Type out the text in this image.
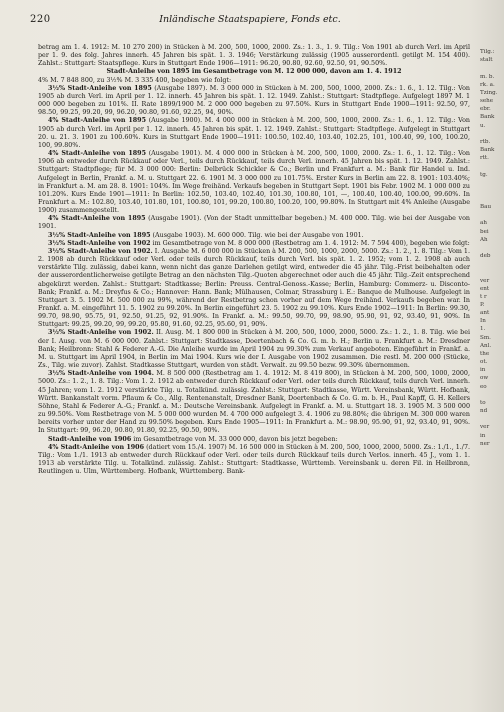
220	Inländische Staatspapiere, Fonds etc.

betrag am 1. 4. 1912: M. 10 270 200) in Stücken à M. 200, 500, 1000, 2000. Zs.: 1. 3., 1. 9. Tilg.: Von 1901 ab durch Verl. im April per 1. 9. des folg. Jahres innerh. 45 Jahren bis spät. 1. 3. 1946; Verstärkung zulässig (1905 ausserordentl. getilgt M. 154 400). Zahlst.: Stuttgart: Staatspflege. Kurs in Stuttgart Ende 1906—1911: 96.20, 90.80, 92.60, 92.50, 91, 90.50%.

Stadt-Anleihe von 1895 im Gesamtbetrage von M. 12 000 000, davon am 1. 4. 1912

4% M. 7 848 800, zu 3½% M. 3 335 400, begeben wie folgt:

3½% Stadt-Anleihe von 1895 (Ausgabe 1897). M. 3 000 000 in Stücken à M. 200, 500, 1000, 2000. Zs.: 1. 6., 1. 12. Tilg.: Von 1905 ab durch Verl. im April per 1. 12. innerh. 45 Jahren bis spät. 1. 12. 1949. Zahlst.: Stuttgart: Stadtpflege. Aufgelegt 1897 M. 1 000 000 begeben zu 101%. II. Rate 1899/1900 M. 2 000 000 begeben zu 97.50%. Kurs in Stuttgart Ende 1900—1911: 92.50, 97, 98.50, 99.25, 99.20, 99, 96.20, 90.80, 91.60, 92.25, 94, 90%.

4% Stadt-Anleihe von 1895 (Ausgabe 1900). M. 4 000 000 in Stücken à M. 200, 500, 1000, 2000. Zs.: 1. 6., 1. 12. Tilg.: Von 1905 ab durch Verl. im April per 1. 12. innerh. 45 Jahren bis spät. 1. 12. 1949. Zahlst.: Stuttgart: Stadtpflege. Aufgelegt in Stuttgart 20. u. 21. 3. 1901 zu 100.60%. Kurs in Stuttgart Ende 1900—1911: 100.50, 102.40, 103.40, 102.25, 101, 100.40, 99, 100, 100.20, 100, 99.80%.

4% Stadt-Anleihe von 1895 (Ausgabe 1901). M. 4 000 000 in Stücken à M. 200, 500, 1000, 2000. Zs.: 1. 6., 1. 12. Tilg.: Von 1906 ab entweder durch Rückkauf oder Verl., teils durch Rückkauf, teils durch Verl. innerh. 45 Jahren bis spät. 1. 12. 1949. Zahlst.: Stuttgart: Stadtpflege; für M. 3 000 000: Berlin: Delbrück Schickler & Co.; Berlin und Frankfurt a. M.: Bank für Handel u. Ind. Aufgelegt in Berlin, Frankf. a. M. u. Stuttgart 22. 6. 1901 M. 3 000 000 zu 101.75%. Erster Kurs in Berlin am 22. 8. 1901: 103.40%; in Frankfurt a. M. am 28. 8. 1901: 104%. Im Wege freihänd. Verkaufs begeben in Stuttgart Sept. 1901 bis Febr. 1902 M. 1 000 000 zu 101.20%. Kurs Ende 1901—1911: In Berlin: 102.50, 103.40, 102.40, 101.30, 100.80, 101, —, 100.40, 100.40, 100.00, 99.60%. In Frankfurt a. M.: 102.80, 103.40, 101.80, 101, 100.80, 101, 99.20, 100.80, 100.20, 100, 99.80%. In Stuttgart mit 4% Anleihe (Ausgabe 1900) zusammengestellt.

4% Stadt-Anleihe von 1895 (Ausgabe 1901). (Von der Stadt unmittelbar begeben.) M. 400 000. Tilg. wie bei der Ausgabe von 1901.

3½% Stadt-Anleihe von 1895 (Ausgabe 1903). M. 600 000. Tilg. wie bei der Ausgabe von 1901.

3½% Stadt-Anleihe von 1902 im Gesamtbetrage von M. 8 000 000 (Restbetrag am 1. 4. 1912: M. 7 594 400), begeben wie folgt:

3½% Stadt-Anleihe von 1902. I. Ausgabe M. 6 000 000 in Stücken à M. 200, 500, 1000, 2000, 5000. Zs.: 1. 2., 1. 8. Tilg.: Vom 1. 2. 1908 ab durch Rückkauf oder Verl. oder teils durch Rückkauf, teils durch Verl. bis spät. 1. 2. 1952; vom 1. 2. 1908 ab auch verstärkte Tilg. zulässig, dabei kann, wenn nicht das ganze Darlehen getilgt wird, entweder die 45 jähr. Tilg.-Frist beibehalten oder der ausserordentlicherweise getilgte Betrag an den nächsten Tilg.-Quoten abgerechnet oder auch die 45 jähr. Tilg.-Zeit entsprechend abgekürzt werden. Zahlst.: Stuttgart: Stadtkasse; Berlin: Preuss. Central-Genoss.-Kasse; Berlin, Hamburg: Commerz- u. Disconto-Bank; Frankf. a. M.: Dreyfus & Co.; Hannover: Hann. Bank; Mülhausen, Colmar, Strassburg i. E.: Banque de Mulhouse. Aufgelegt in Stuttgart 3. 5. 1902 M. 500 000 zu 99%, während der Restbetrag schon vorher auf dem Wege freihänd. Verkaufs begeben war. In Frankf. a. M. eingeführt 11. 5. 1902 zu 99.20%. In Berlin eingeführt 23. 5. 1902 zu 99.10%. Kurs Ende 1902—1911: In Berlin: 99.30, 99.70, 98.90, 95.75, 91, 92.50, 91.25, 92, 91.90%. In Frankf. a. M.: 99.50, 99.70, 99, 98.90, 95.90, 91, 92, 93.40, 91, 90%. In Stuttgart: 99.25, 99.20, 99, 99.20, 95.80, 91.60, 92.25, 95.60, 91, 90%.

3½% Stadt-Anleihe von 1902. II. Ausg. M. 1 800 000 in Stücken à M. 200, 500, 1000, 2000, 5000. Zs.: 1. 2., 1. 8. Tilg. wie bei der I. Ausg. von M. 6 000 000. Zahlst.: Stuttgart: Stadtkasse, Doertenbach & Co. G. m. b. H.; Berlin u. Frankfurt a. M.: Dresdner Bank; Heilbronn: Stahl & Federer A.-G. Die Anleihe wurde im April 1904 zu 99.30% zum Verkauf angeboten. Eingeführt in Frankf. a. M. u. Stuttgart im April 1904, in Berlin im Mai 1904. Kurs wie der I. Ausgabe von 1902 zusammen. Die restl. M. 200 000 (Stücke, Zs., Tilg. wie zuvor). Zahlst. Stadtkasse Stuttgart, wurden von städt. Verwalt. zu 99.50 bezw. 99.30% übernommen.

3½% Stadt-Anleihe von 1904. M. 8 500 000 (Restbetrag am 1. 4. 1912: M. 8 419 800), in Stücken à M. 200, 500, 1000, 2000, 5000. Zs.: 1. 2., 1. 8. Tilg.: Vom 1. 2. 1912 ab entweder durch Rückkauf oder Verl. oder teils durch Rückkauf, teils durch Verl. innerh. 45 Jahren; vom 1. 2. 1912 verstärkte Tilg. u. Totalkünd. zulässig. Zahlst.: Stuttgart: Stadtkasse, Württ. Vereinsbank, Württ. Hofbank, Württ. Bankanstalt vorm. Pflaum & Co., Allg. Rentenanstalt, Dresdner Bank, Doertenbach & Co. G. m. b. H., Paul Kapff, G. H. Kellers Söhne, Stahl & Federer A.-G.; Frankf. a. M.: Deutsche Vereinsbank. Aufgelegt in Frankf. a. M. u. Stuttgart 18. 3. 1905 M. 3 500 000 zu 99.50%. Vom Restbetrage von M. 5 000 000 wurden M. 4 700 000 aufgelegt 3. 4. 1906 zu 98.80%; die übrigen M. 300 000 waren bereits vorher unter der Hand zu 99.50% begeben. Kurs Ende 1905—1911: In Frankfurt a. M.: 98.90, 95.90, 91, 92, 93.40, 91, 90%. In Stuttgart: 99, 96.20, 90.80, 91.80, 92.25, 90.50, 90%.

Stadt-Anleihe von 1906 im Gesamtbetrage von M. 33 000 000, davon bis jetzt begeben:

4% Stadt-Anleihe von 1906 (datiert vom 15./4. 1907) M. 16 500 000 in Stücken à M. 200, 500, 1000, 2000, 5000. Zs.: 1./1., 1./7. Tilg.: Vom 1./1. 1913 ab entweder durch Rückkauf oder Verl. oder teils durch Rückkauf teils durch Verlos. innerh. 45 J., vom 1. 1. 1913 ab verstärkte Tilg. u. Totalkünd. zulässig. Zahlst.: Stuttgart: Stadtkasse, Württemb. Vereinsbank u. deren Fil. in Heilbronn, Reutlingen u. Ulm, Württemberg. Hofbank, Württemberg. Bank-

Tilg.:
stalt
m. b.
rk. a.
Tzing.
sehe
ebr.
Bank
u.
rtb.
Bank
rtt.
tg.
Bau
ah
bei
Ah
deb
ver
ent
t r
P.
ant
In
1.
Sm.
Anl.
the
ot.
in
ow
eo
to
nd
ver
in
ner
